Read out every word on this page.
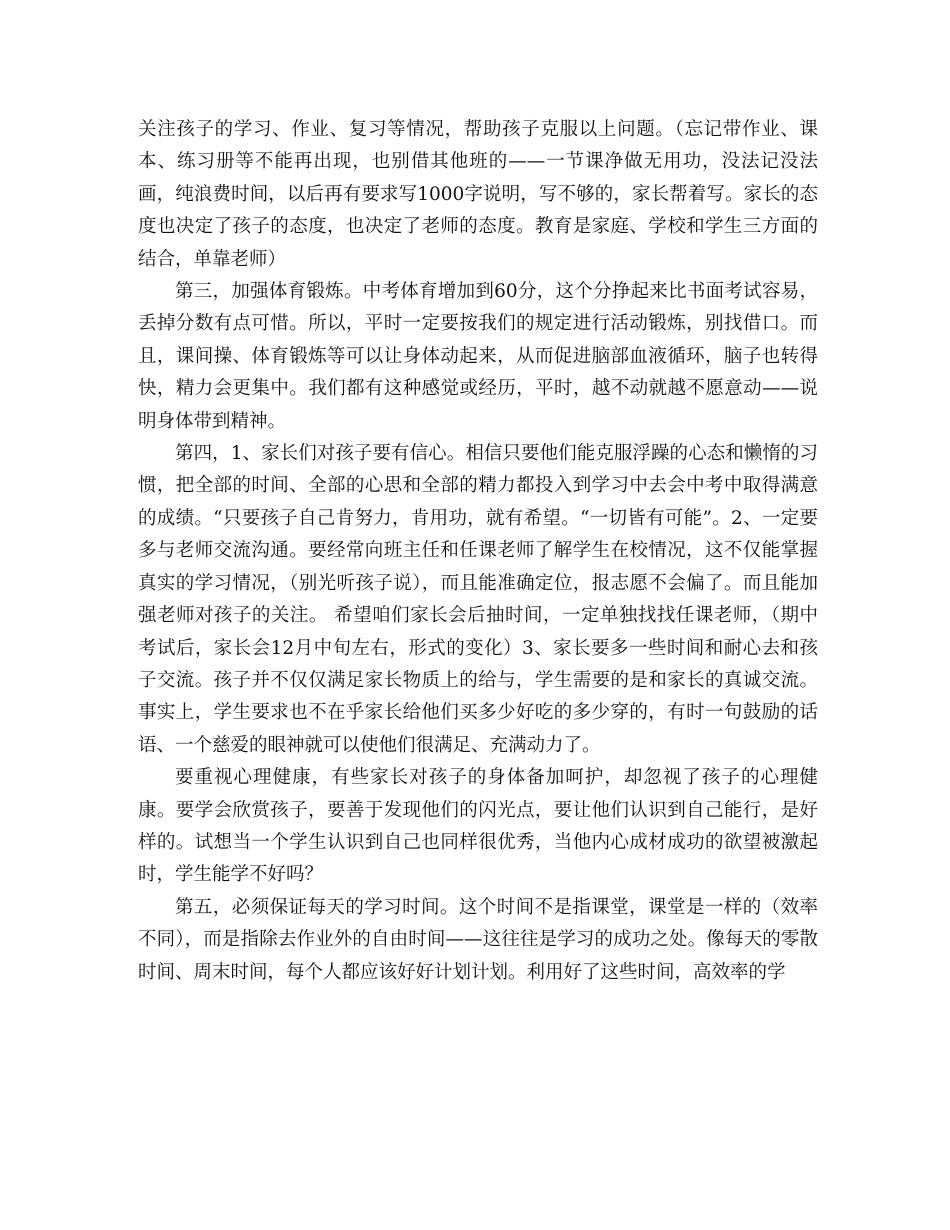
关注孩子的学习、作业、复习等情况，帮助孩子克服以上问题。（忘记带作业、课本、练习册等不能再出现，也别借其他班的——一节课净做无用功，没法记没法画，纯浪费时间，以后再有要求写1000字说明，写不够的，家长帮着写。家长的态度也决定了孩子的态度，也决定了老师的态度。教育是家庭、学校和学生三方面的结合，单靠老师）

第三，加强体育锻炼。中考体育增加到60分，这个分挣起来比书面考试容易，丢掉分数有点可惜。所以，平时一定要按我们的规定进行活动锻炼，别找借口。而且，课间操、体育锻炼等可以让身体动起来，从而促进脑部血液循环，脑子也转得快，精力会更集中。我们都有这种感觉或经历，平时，越不动就越不愿意动——说明身体带到精神。

第四，1、家长们对孩子要有信心。相信只要他们能克服浮躁的心态和懒惰的习惯，把全部的时间、全部的心思和全部的精力都投入到学习中去会中考中取得满意的成绩。“只要孩子自己肯努力，肯用功，就有希望。“一切皆有可能”。2、一定要多与老师交流沟通。要经常向班主任和任课老师了解学生在校情况，这不仅能掌握真实的学习情况，（别光听孩子说），而且能准确定位，报志愿不会偏了。而且能加强老师对孩子的关注。 希望咱们家长会后抽时间，一定单独找找任课老师，（期中考试后，家长会12月中旬左右，形式的变化）3、家长要多一些时间和耐心去和孩子交流。孩子并不仅仅满足家长物质上的给与，学生需要的是和家长的真诚交流。事实上，学生要求也不在乎家长给他们买多少好吃的多少穿的，有时一句鼓励的话语、一个慈爱的眼神就可以使他们很满足、充满动力了。

要重视心理健康，有些家长对孩子的身体备加呵护，却忽视了孩子的心理健康。要学会欣赏孩子，要善于发现他们的闪光点，要让他们认识到自己能行，是好样的。试想当一个学生认识到自己也同样很优秀，当他内心成材成功的欲望被激起时，学生能学不好吗？

第五，必须保证每天的学习时间。这个时间不是指课堂，课堂是一样的（效率不同），而是指除去作业外的自由时间——这往往是学习的成功之处。像每天的零散时间、周末时间，每个人都应该好好计划计划。利用好了这些时间，高效率的学
